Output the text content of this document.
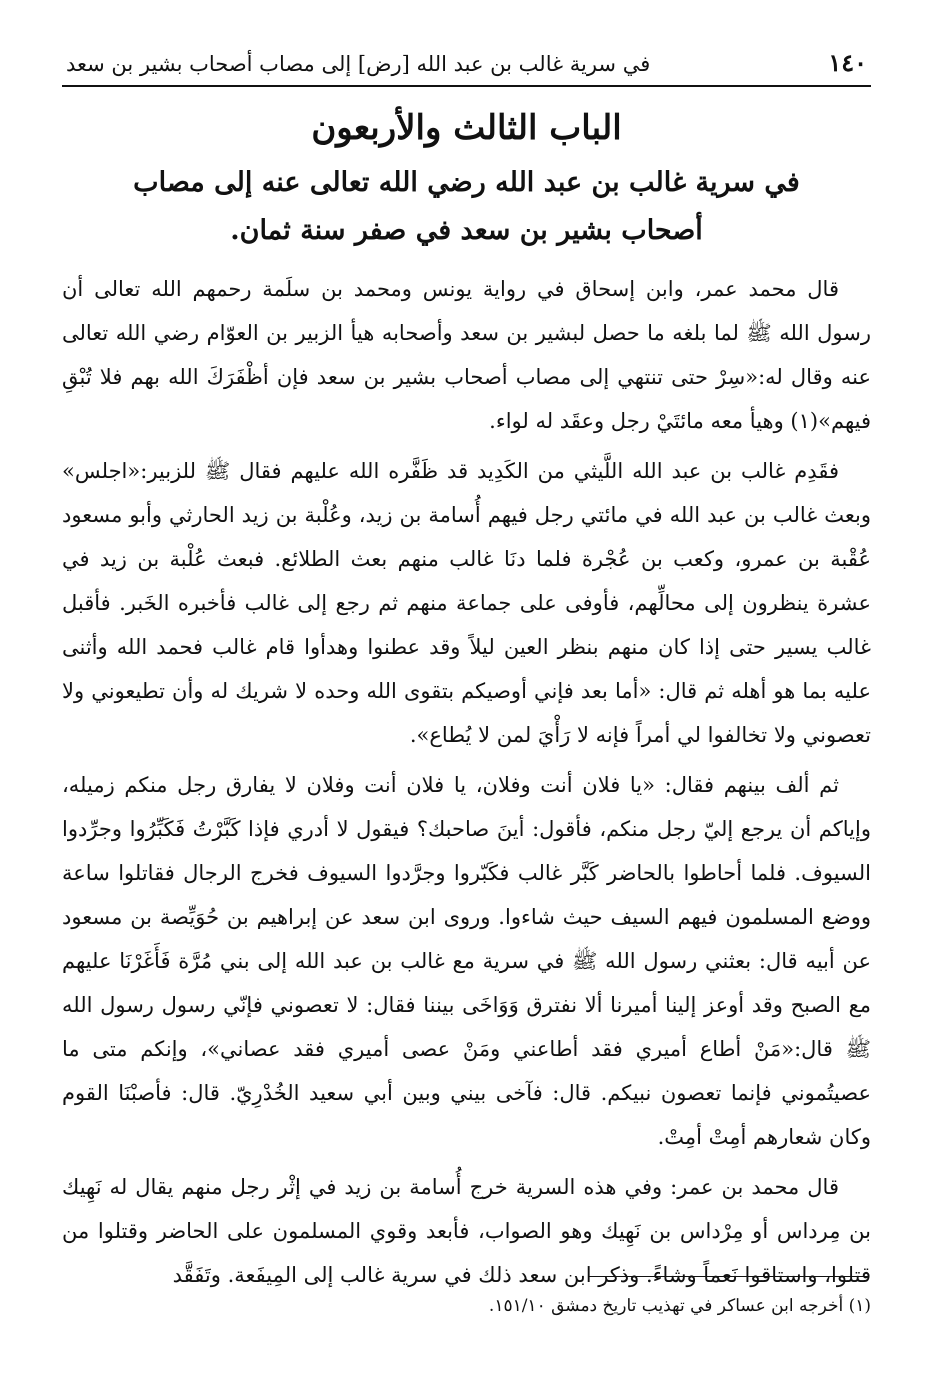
١٤٠
في سرية غالب بن عبد الله [رض] إلى مصاب أصحاب بشير بن سعد
الباب الثالث والأربعون
في سرية غالب بن عبد الله رضي الله تعالى عنه إلى مصاب
أصحاب بشير بن سعد في صفر سنة ثمان.

قال محمد عمر، وابن إسحاق في رواية يونس ومحمد بن سلَمة رحمهم الله تعالى أن رسول الله ﷺ لما بلغه ما حصل لبشير بن سعد وأصحابه هيأ الزبير بن العوّام رضي الله تعالى عنه وقال له:«سِرْ حتى تنتهي إلى مصاب أصحاب بشير بن سعد فإن أظْفَرَكَ الله بهم فلا تُبْقِ فيهم»(١) وهيأ معه مائتَيْ رجل وعقَد له لواء.

فقَدِم غالب بن عبد الله اللَّيثي من الكَدِيد قد ظَفَّره الله عليهم فقال ﷺ للزبير:«اجلس» وبعث غالب بن عبد الله في مائتي رجل فيهم أُسامة بن زيد، وعُلْبة بن زيد الحارثي وأبو مسعود عُقْبة بن عمرو، وكعب بن عُجْرة فلما دنَا غالب منهم بعث الطلائع. فبعث عُلْبة بن زيد في عشرة ينظرون إلى محالِّهم، فأوفى على جماعة منهم ثم رجع إلى غالب فأخبره الخَبر. فأقبل غالب يسير حتى إذا كان منهم بنظر العين ليلاً وقد عطنوا وهدأوا قام غالب فحمد الله وأثنى عليه بما هو أهله ثم قال: «أما بعد فإني أوصيكم بتقوى الله وحده لا شريك له وأن تطيعوني ولا تعصوني ولا تخالفوا لي أمراً فإنه لا رَأْيَ لمن لا يُطاع».

ثم ألف بينهم فقال: «يا فلان أنت وفلان، يا فلان أنت وفلان لا يفارق رجل منكم زميله، وإياكم أن يرجع إليّ رجل منكم، فأقول: أينَ صاحبك؟ فيقول لا أدري فإذا كَبَّرْتُ فَكَبِّرُوا وجرِّدوا السيوف. فلما أحاطوا بالحاضر كَبَّر غالب فكَبّروا وجرَّدوا السيوف فخرج الرجال فقاتلوا ساعة ووضع المسلمون فيهم السيف حيث شاءوا. وروى ابن سعد عن إبراهيم بن حُوَيِّصة بن مسعود عن أبيه قال: بعثني رسول الله ﷺ في سرية مع غالب بن عبد الله إلى بني مُرَّة فَأَغَرْنَا عليهم مع الصبح وقد أوعز إلينا أميرنا ألا نفترق وَوَاخَى بيننا فقال: لا تعصوني فإنّي رسول رسول الله ﷺ قال:«مَنْ أطاع أميري فقد أطاعني ومَنْ عصى أميري فقد عصاني»، وإنكم متى ما عصيتُموني فإنما تعصون نبيكم. قال: فآخى بيني وبين أبي سعيد الخُدْرِيّ. قال: فأصبْنَا القوم وكان شعارهم أمِتْ أمِتْ.

قال محمد بن عمر: وفي هذه السرية خرج أُسامة بن زيد في إثْر رجل منهم يقال له نَهِيك بن مِرداس أو مِرْداس بن نَهِيك وهو الصواب، فأبعد وقوي المسلمون على الحاضر وقتلوا من قتلوا، واستاقوا نَعماً وشاءً. وذكر ابن سعد ذلك في سرية غالب إلى المِيفَعة. وتَفَقَّد

(١) أخرجه ابن عساكر في تهذيب تاريخ دمشق ١٥١/١٠.
